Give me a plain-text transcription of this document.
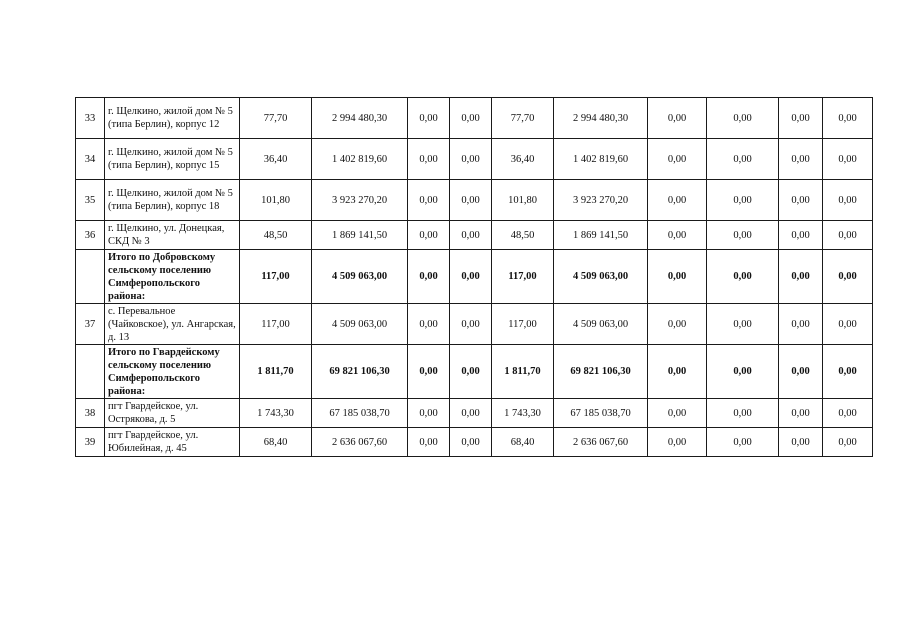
33	г. Щелкино, жилой дом № 5 (типа Берлин), корпус 12	77,70	2 994 480,30	0,00	0,00	77,70	2 994 480,30	0,00	0,00	0,00	0,00
34	г. Щелкино, жилой дом № 5 (типа Берлин), корпус 15	36,40	1 402 819,60	0,00	0,00	36,40	1 402 819,60	0,00	0,00	0,00	0,00
35	г. Щелкино, жилой дом № 5 (типа Берлин), корпус 18	101,80	3 923 270,20	0,00	0,00	101,80	3 923 270,20	0,00	0,00	0,00	0,00
36	г. Щелкино, ул. Донецкая, СКД № 3	48,50	1 869 141,50	0,00	0,00	48,50	1 869 141,50	0,00	0,00	0,00	0,00
	Итого по Добровскому сельскому поселению Симферопольского района:	117,00	4 509 063,00	0,00	0,00	117,00	4 509 063,00	0,00	0,00	0,00	0,00
37	с. Перевальное (Чайковское), ул. Ангарская, д. 13	117,00	4 509 063,00	0,00	0,00	117,00	4 509 063,00	0,00	0,00	0,00	0,00
	Итого по Гвардейскому сельскому поселению Симферопольского района:	1 811,70	69 821 106,30	0,00	0,00	1 811,70	69 821 106,30	0,00	0,00	0,00	0,00
38	пгт Гвардейское, ул. Острякова, д. 5	1 743,30	67 185 038,70	0,00	0,00	1 743,30	67 185 038,70	0,00	0,00	0,00	0,00
39	пгт Гвардейское, ул. Юбилейная, д. 45	68,40	2 636 067,60	0,00	0,00	68,40	2 636 067,60	0,00	0,00	0,00	0,00
